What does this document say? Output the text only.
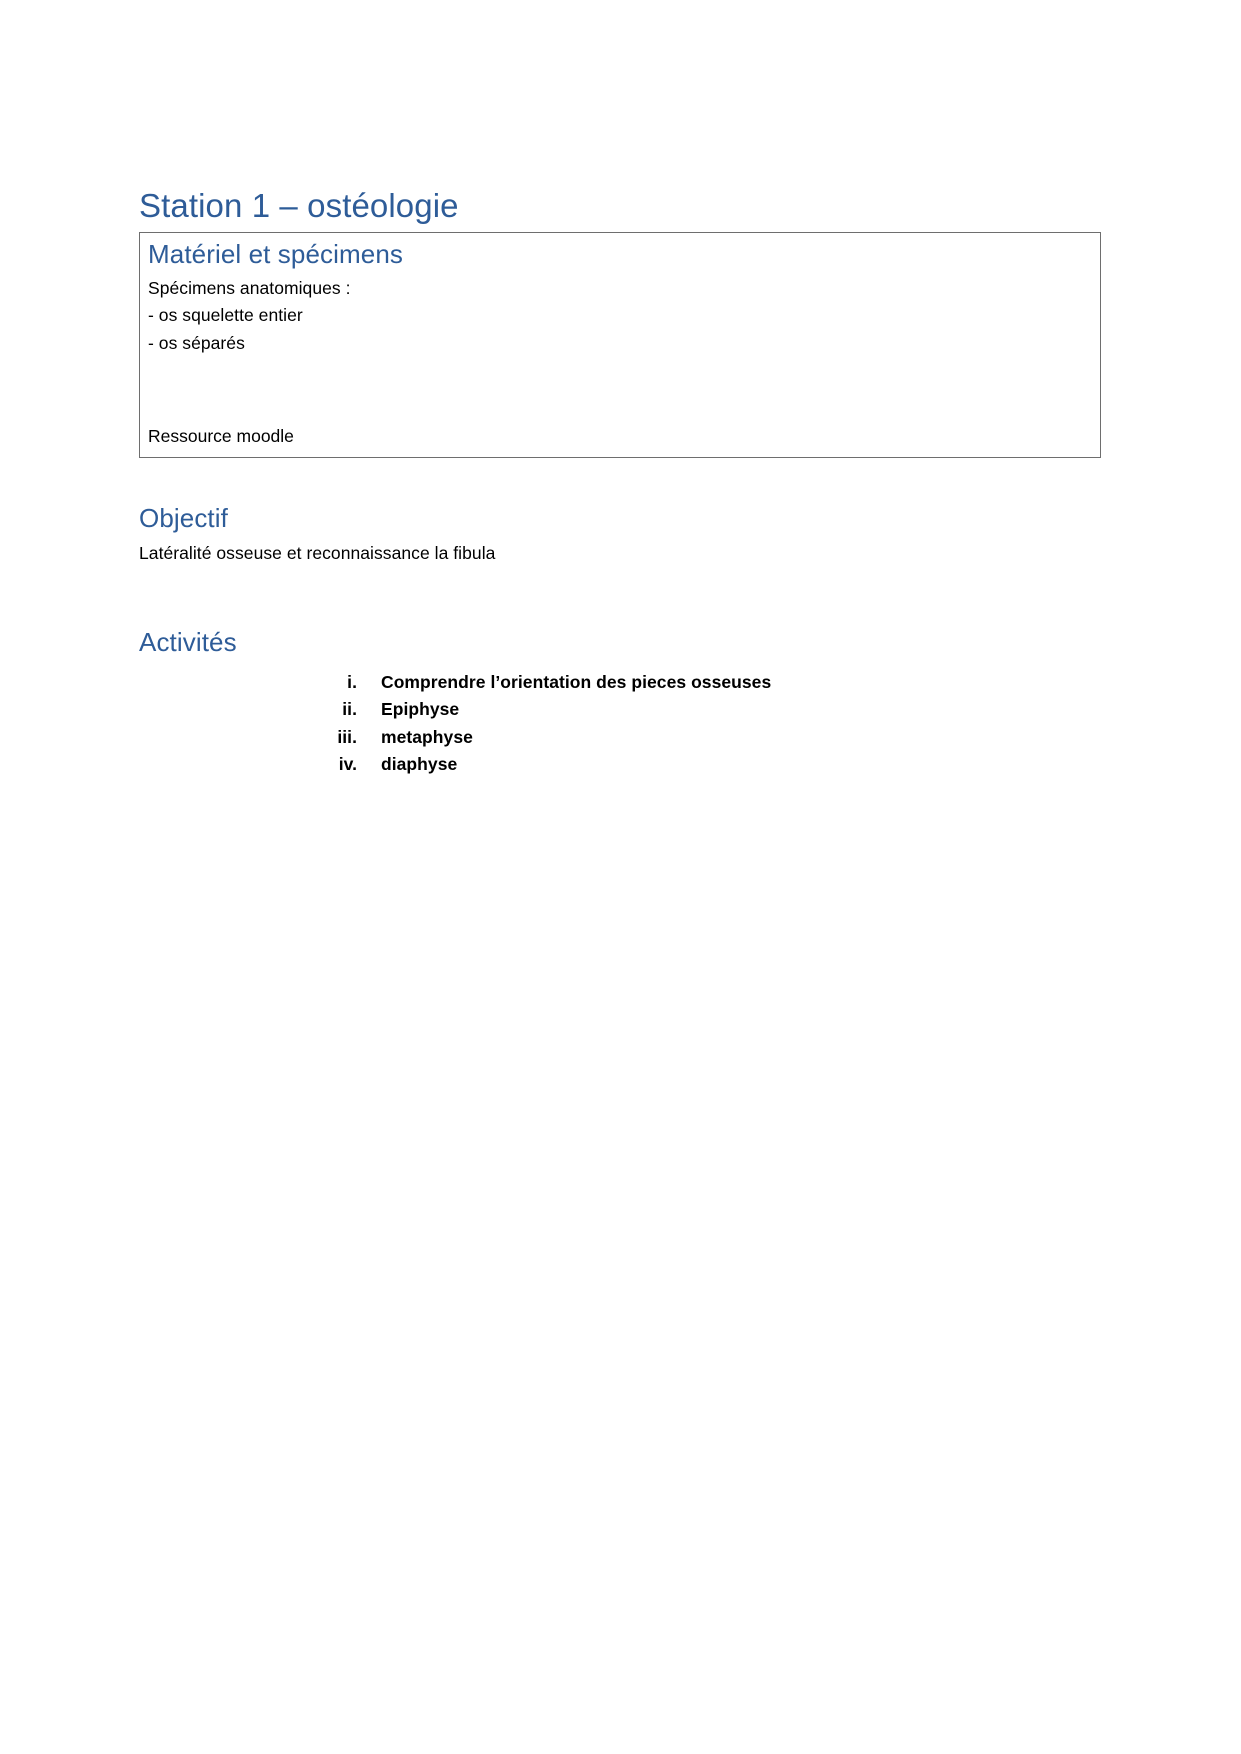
Station 1 – ostéologie
Matériel et spécimens

Spécimens anatomiques :

- os squelette entier

- os séparés

Ressource moodle
Objectif

Latéralité osseuse et reconnaissance la fibula

Activités
i.	Comprendre l’orientation des pieces osseuses
ii.	Epiphyse
iii.	metaphyse
iv.	diaphyse
